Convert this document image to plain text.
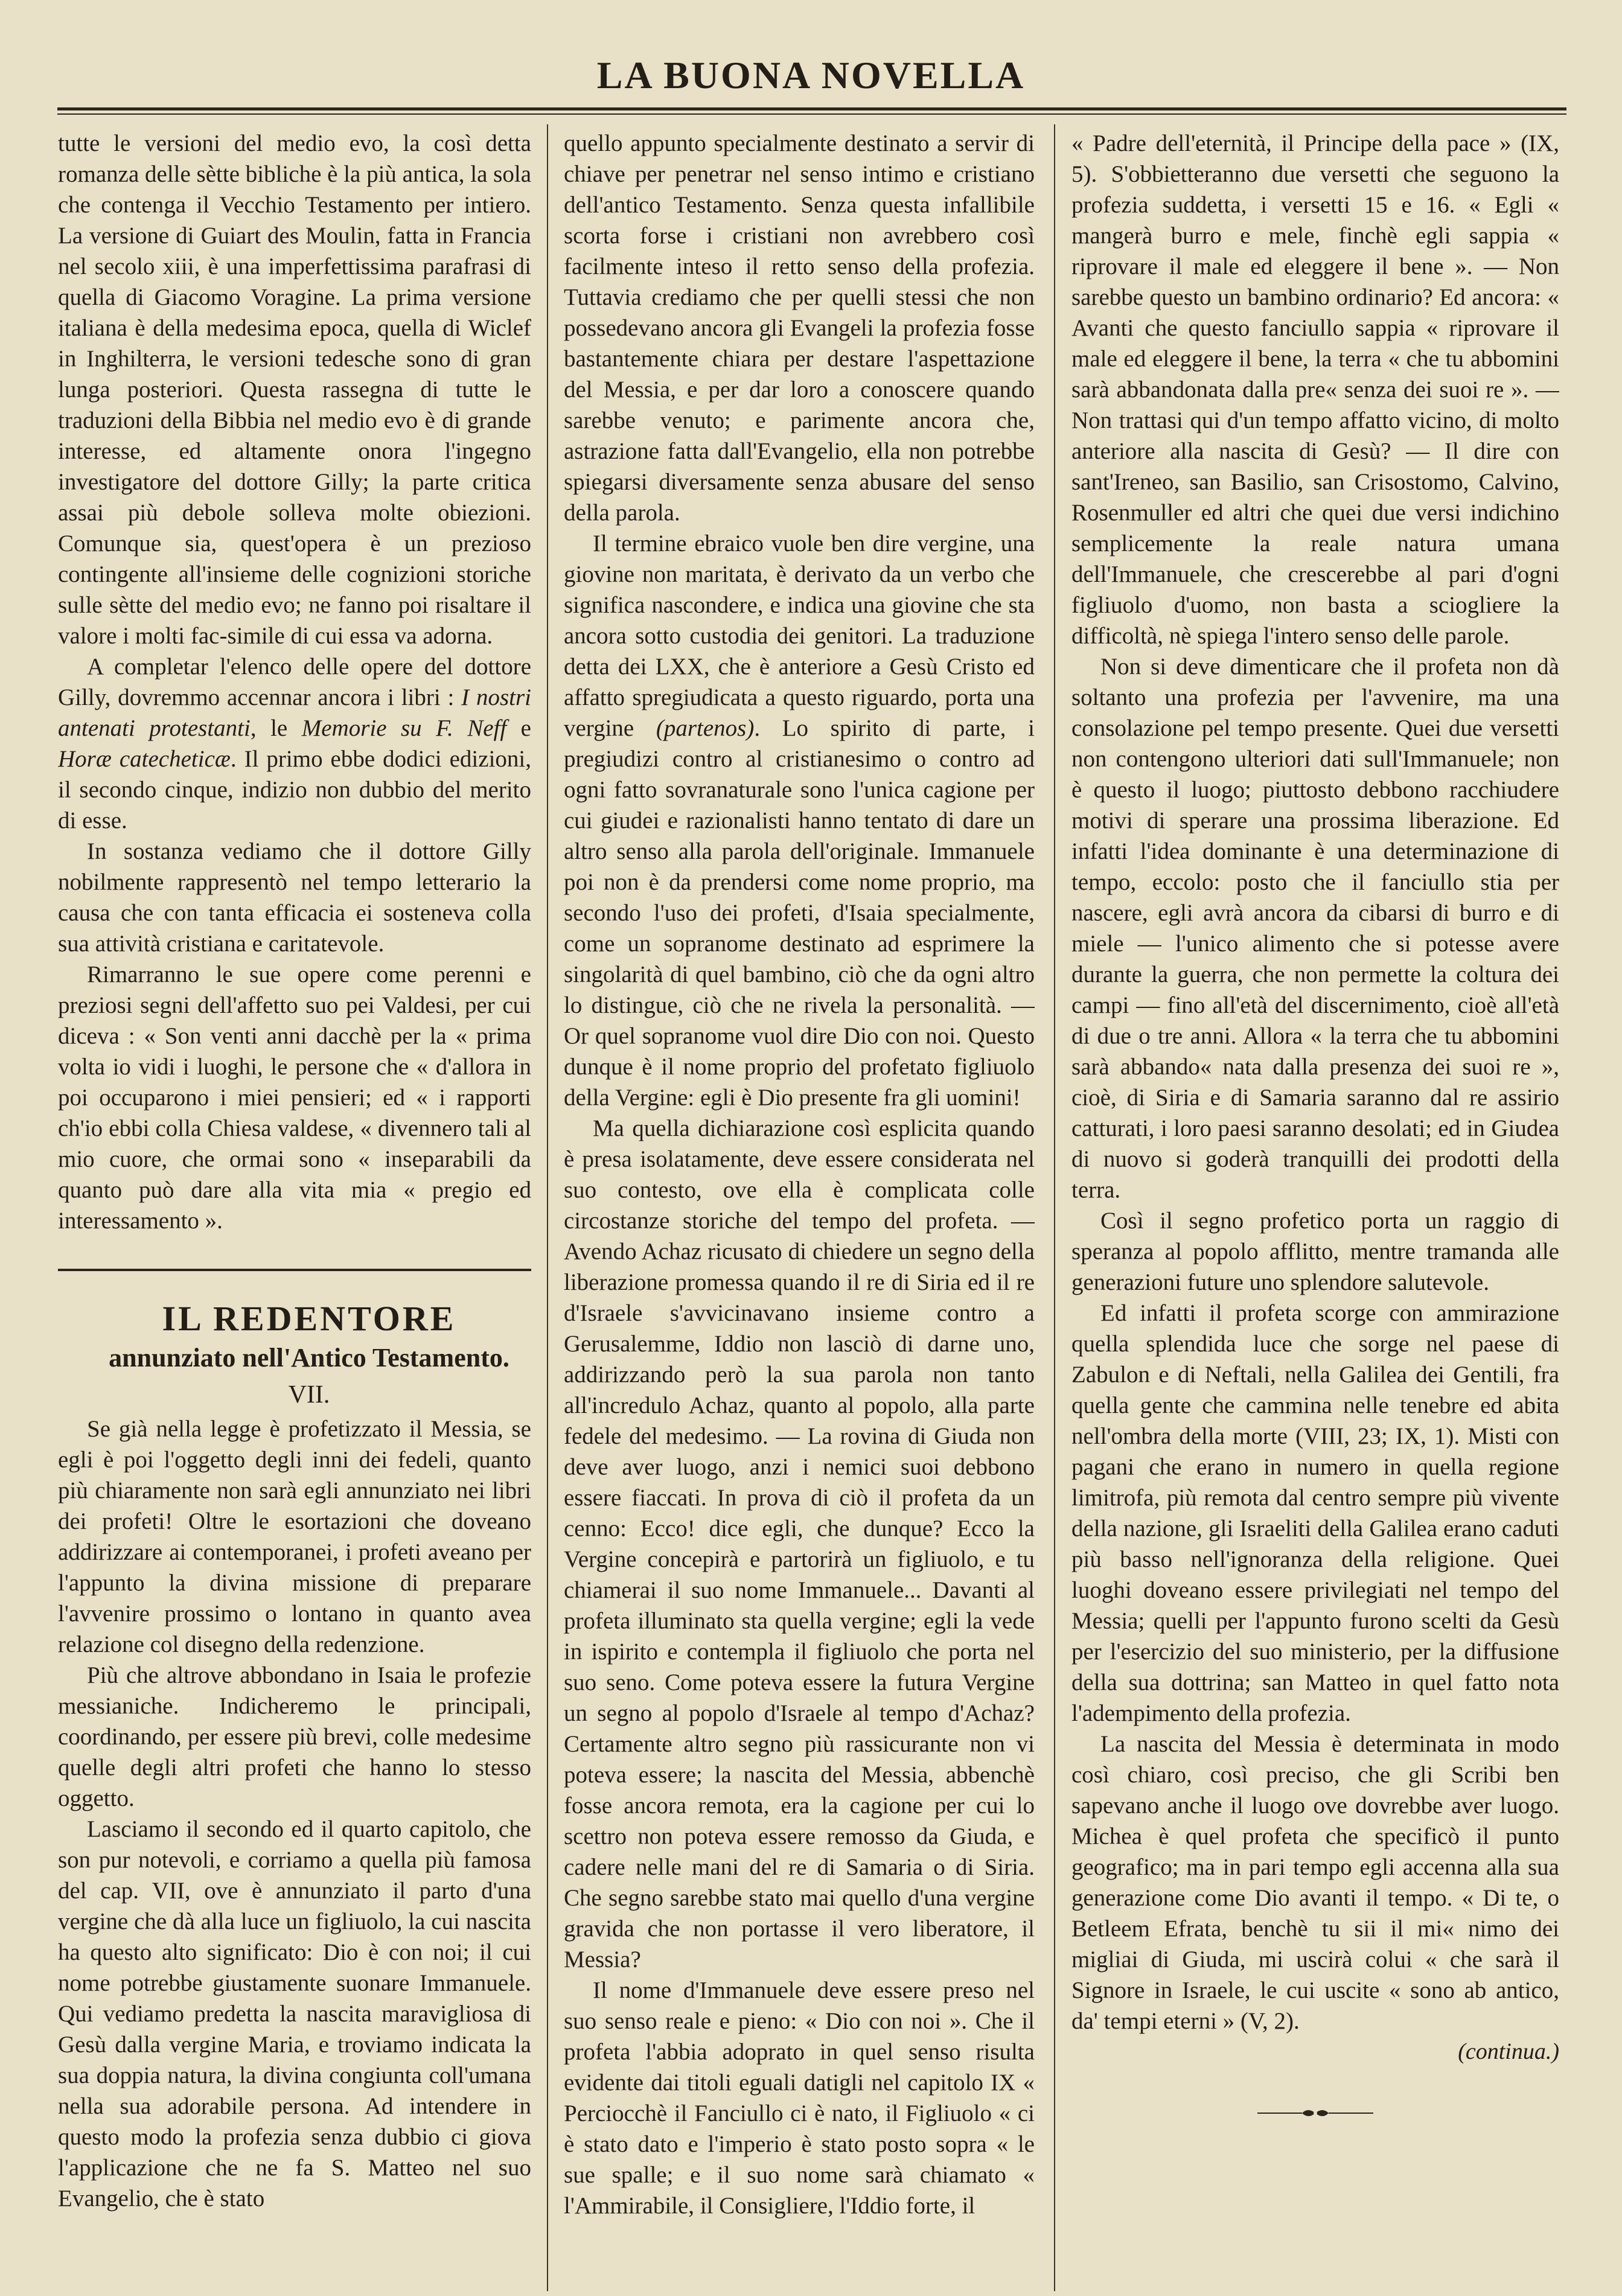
LA BUONA NOVELLA

tutte le versioni del medio evo, la così detta romanza delle sètte bibliche è la più antica, la sola che contenga il Vecchio Testamento per intiero. La versione di Guiart des Moulin, fatta in Francia nel secolo xiii, è una imperfettissima parafrasi di quella di Giacomo Voragine. La prima versione italiana è della medesima epoca, quella di Wiclef in Inghilterra, le versioni tedesche sono di gran lunga posteriori. Questa rassegna di tutte le traduzioni della Bibbia nel medio evo è di grande interesse, ed altamente onora l'ingegno investigatore del dottore Gilly; la parte critica assai più debole solleva molte obiezioni. Comunque sia, quest'opera è un prezioso contingente all'insieme delle cognizioni storiche sulle sètte del medio evo; ne fanno poi risaltare il valore i molti fac-simile di cui essa va adorna.

A completar l'elenco delle opere del dottore Gilly, dovremmo accennar ancora i libri : I nostri antenati protestanti, le Memorie su F. Neff e Horæ catecheticæ. Il primo ebbe dodici edizioni, il secondo cinque, indizio non dubbio del merito di esse.

In sostanza vediamo che il dottore Gilly nobilmente rappresentò nel tempo letterario la causa che con tanta efficacia ei sosteneva colla sua attività cristiana e caritatevole.

Rimarranno le sue opere come perenni e preziosi segni dell'affetto suo pei Valdesi, per cui diceva : « Son venti anni dacchè per la « prima volta io vidi i luoghi, le persone che « d'allora in poi occuparono i miei pensieri; ed « i rapporti ch'io ebbi colla Chiesa valdese, « divennero tali al mio cuore, che ormai sono « inseparabili da quanto può dare alla vita mia « pregio ed interessamento ».

IL REDENTORE

annunziato nell'Antico Testamento.

VII.

Se già nella legge è profetizzato il Messia, se egli è poi l'oggetto degli inni dei fedeli, quanto più chiaramente non sarà egli annunziato nei libri dei profeti! Oltre le esortazioni che doveano addirizzare ai contemporanei, i profeti aveano per l'appunto la divina missione di preparare l'avvenire prossimo o lontano in quanto avea relazione col disegno della redenzione.

Più che altrove abbondano in Isaia le profezie messianiche. Indicheremo le principali, coordinando, per essere più brevi, colle medesime quelle degli altri profeti che hanno lo stesso oggetto.

Lasciamo il secondo ed il quarto capitolo, che son pur notevoli, e corriamo a quella più famosa del cap. VII, ove è annunziato il parto d'una vergine che dà alla luce un figliuolo, la cui nascita ha questo alto significato: Dio è con noi; il cui nome potrebbe giustamente suonare Immanuele. Qui vediamo predetta la nascita maravigliosa di Gesù dalla vergine Maria, e troviamo indicata la sua doppia natura, la divina congiunta coll'umana nella sua adorabile persona. Ad intendere in questo modo la profezia senza dubbio ci giova l'applicazione che ne fa S. Matteo nel suo Evangelio, che è stato

quello appunto specialmente destinato a servir di chiave per penetrar nel senso intimo e cristiano dell'antico Testamento. Senza questa infallibile scorta forse i cristiani non avrebbero così facilmente inteso il retto senso della profezia. Tuttavia crediamo che per quelli stessi che non possedevano ancora gli Evangeli la profezia fosse bastantemente chiara per destare l'aspettazione del Messia, e per dar loro a conoscere quando sarebbe venuto; e parimente ancora che, astrazione fatta dall'Evangelio, ella non potrebbe spiegarsi diversamente senza abusare del senso della parola.

Il termine ebraico vuole ben dire vergine, una giovine non maritata, è derivato da un verbo che significa nascondere, e indica una giovine che sta ancora sotto custodia dei genitori. La traduzione detta dei LXX, che è anteriore a Gesù Cristo ed affatto spregiudicata a questo riguardo, porta una vergine (partenos). Lo spirito di parte, i pregiudizi contro al cristianesimo o contro ad ogni fatto sovranaturale sono l'unica cagione per cui giudei e razionalisti hanno tentato di dare un altro senso alla parola dell'originale. Immanuele poi non è da prendersi come nome proprio, ma secondo l'uso dei profeti, d'Isaia specialmente, come un sopranome destinato ad esprimere la singolarità di quel bambino, ciò che da ogni altro lo distingue, ciò che ne rivela la personalità. — Or quel sopranome vuol dire Dio con noi. Questo dunque è il nome proprio del profetato figliuolo della Vergine: egli è Dio presente fra gli uomini!

Ma quella dichiarazione così esplicita quando è presa isolatamente, deve essere considerata nel suo contesto, ove ella è complicata colle circostanze storiche del tempo del profeta. — Avendo Achaz ricusato di chiedere un segno della liberazione promessa quando il re di Siria ed il re d'Israele s'avvicinavano insieme contro a Gerusalemme, Iddio non lasciò di darne uno, addirizzando però la sua parola non tanto all'incredulo Achaz, quanto al popolo, alla parte fedele del medesimo. — La rovina di Giuda non deve aver luogo, anzi i nemici suoi debbono essere fiaccati. In prova di ciò il profeta da un cenno: Ecco! dice egli, che dunque? Ecco la Vergine concepirà e partorirà un figliuolo, e tu chiamerai il suo nome Immanuele... Davanti al profeta illuminato sta quella vergine; egli la vede in ispirito e contempla il figliuolo che porta nel suo seno. Come poteva essere la futura Vergine un segno al popolo d'Israele al tempo d'Achaz? Certamente altro segno più rassicurante non vi poteva essere; la nascita del Messia, abbenchè fosse ancora remota, era la cagione per cui lo scettro non poteva essere remosso da Giuda, e cadere nelle mani del re di Samaria o di Siria. Che segno sarebbe stato mai quello d'una vergine gravida che non portasse il vero liberatore, il Messia?

Il nome d'Immanuele deve essere preso nel suo senso reale e pieno: « Dio con noi ». Che il profeta l'abbia adoprato in quel senso risulta evidente dai titoli eguali datigli nel capitolo IX « Perciocchè il Fanciullo ci è nato, il Figliuolo « ci è stato dato e l'imperio è stato posto sopra « le sue spalle; e il suo nome sarà chiamato « l'Ammirabile, il Consigliere, l'Iddio forte, il

« Padre dell'eternità, il Principe della pace » (IX, 5). S'obbietteranno due versetti che seguono la profezia suddetta, i versetti 15 e 16. « Egli « mangerà burro e mele, finchè egli sappia « riprovare il male ed eleggere il bene ». — Non sarebbe questo un bambino ordinario? Ed ancora: « Avanti che questo fanciullo sappia « riprovare il male ed eleggere il bene, la terra « che tu abbomini sarà abbandonata dalla pre« senza dei suoi re ». — Non trattasi qui d'un tempo affatto vicino, di molto anteriore alla nascita di Gesù? — Il dire con sant'Ireneo, san Basilio, san Crisostomo, Calvino, Rosenmuller ed altri che quei due versi indichino semplicemente la reale natura umana dell'Immanuele, che crescerebbe al pari d'ogni figliuolo d'uomo, non basta a sciogliere la difficoltà, nè spiega l'intero senso delle parole.

Non si deve dimenticare che il profeta non dà soltanto una profezia per l'avvenire, ma una consolazione pel tempo presente. Quei due versetti non contengono ulteriori dati sull'Immanuele; non è questo il luogo; piuttosto debbono racchiudere motivi di sperare una prossima liberazione. Ed infatti l'idea dominante è una determinazione di tempo, eccolo: posto che il fanciullo stia per nascere, egli avrà ancora da cibarsi di burro e di miele — l'unico alimento che si potesse avere durante la guerra, che non permette la coltura dei campi — fino all'età del discernimento, cioè all'età di due o tre anni. Allora « la terra che tu abbomini sarà abbando« nata dalla presenza dei suoi re », cioè, di Siria e di Samaria saranno dal re assirio catturati, i loro paesi saranno desolati; ed in Giudea di nuovo si goderà tranquilli dei prodotti della terra.

Così il segno profetico porta un raggio di speranza al popolo afflitto, mentre tramanda alle generazioni future uno splendore salutevole.

Ed infatti il profeta scorge con ammirazione quella splendida luce che sorge nel paese di Zabulon e di Neftali, nella Galilea dei Gentili, fra quella gente che cammina nelle tenebre ed abita nell'ombra della morte (VIII, 23; IX, 1). Misti con pagani che erano in numero in quella regione limitrofa, più remota dal centro sempre più vivente della nazione, gli Israeliti della Galilea erano caduti più basso nell'ignoranza della religione. Quei luoghi doveano essere privilegiati nel tempo del Messia; quelli per l'appunto furono scelti da Gesù per l'esercizio del suo ministerio, per la diffusione della sua dottrina; san Matteo in quel fatto nota l'adempimento della profezia.

La nascita del Messia è determinata in modo così chiaro, così preciso, che gli Scribi ben sapevano anche il luogo ove dovrebbe aver luogo. Michea è quel profeta che specificò il punto geografico; ma in pari tempo egli accenna alla sua generazione come Dio avanti il tempo. « Di te, o Betleem Efrata, benchè tu sii il mi« nimo dei migliai di Giuda, mi uscirà colui « che sarà il Signore in Israele, le cui uscite « sono ab antico, da' tempi eterni » (V, 2).

(continua.)
